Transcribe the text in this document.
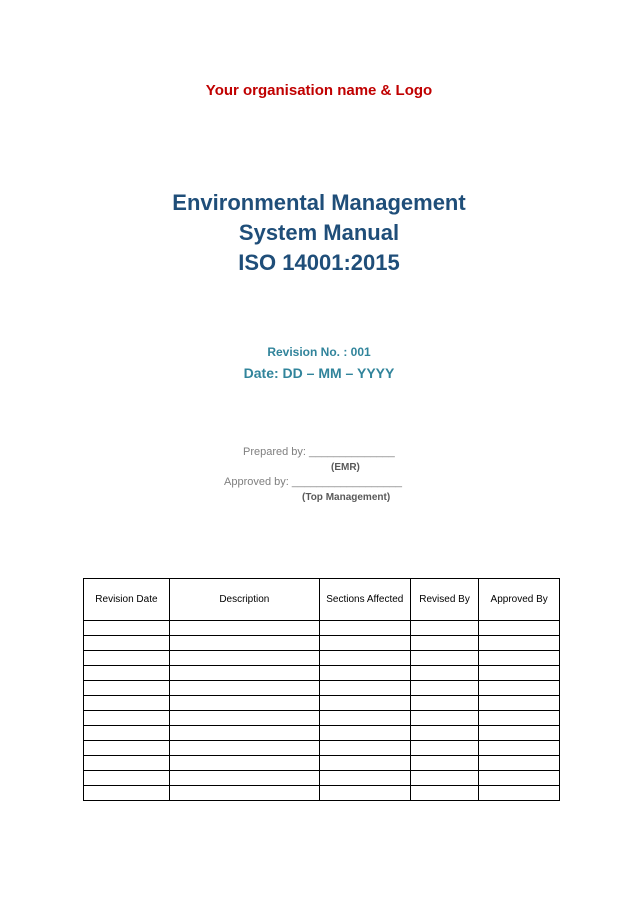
Your organisation name & Logo
Environmental Management
System Manual
ISO 14001:2015
Revision No. : 001
Date: DD – MM – YYYY
Prepared by: ______________
(EMR)
Approved by: __________________
(Top Management)
Revision Date	Description	Sections Affected	Revised By	Approved By
